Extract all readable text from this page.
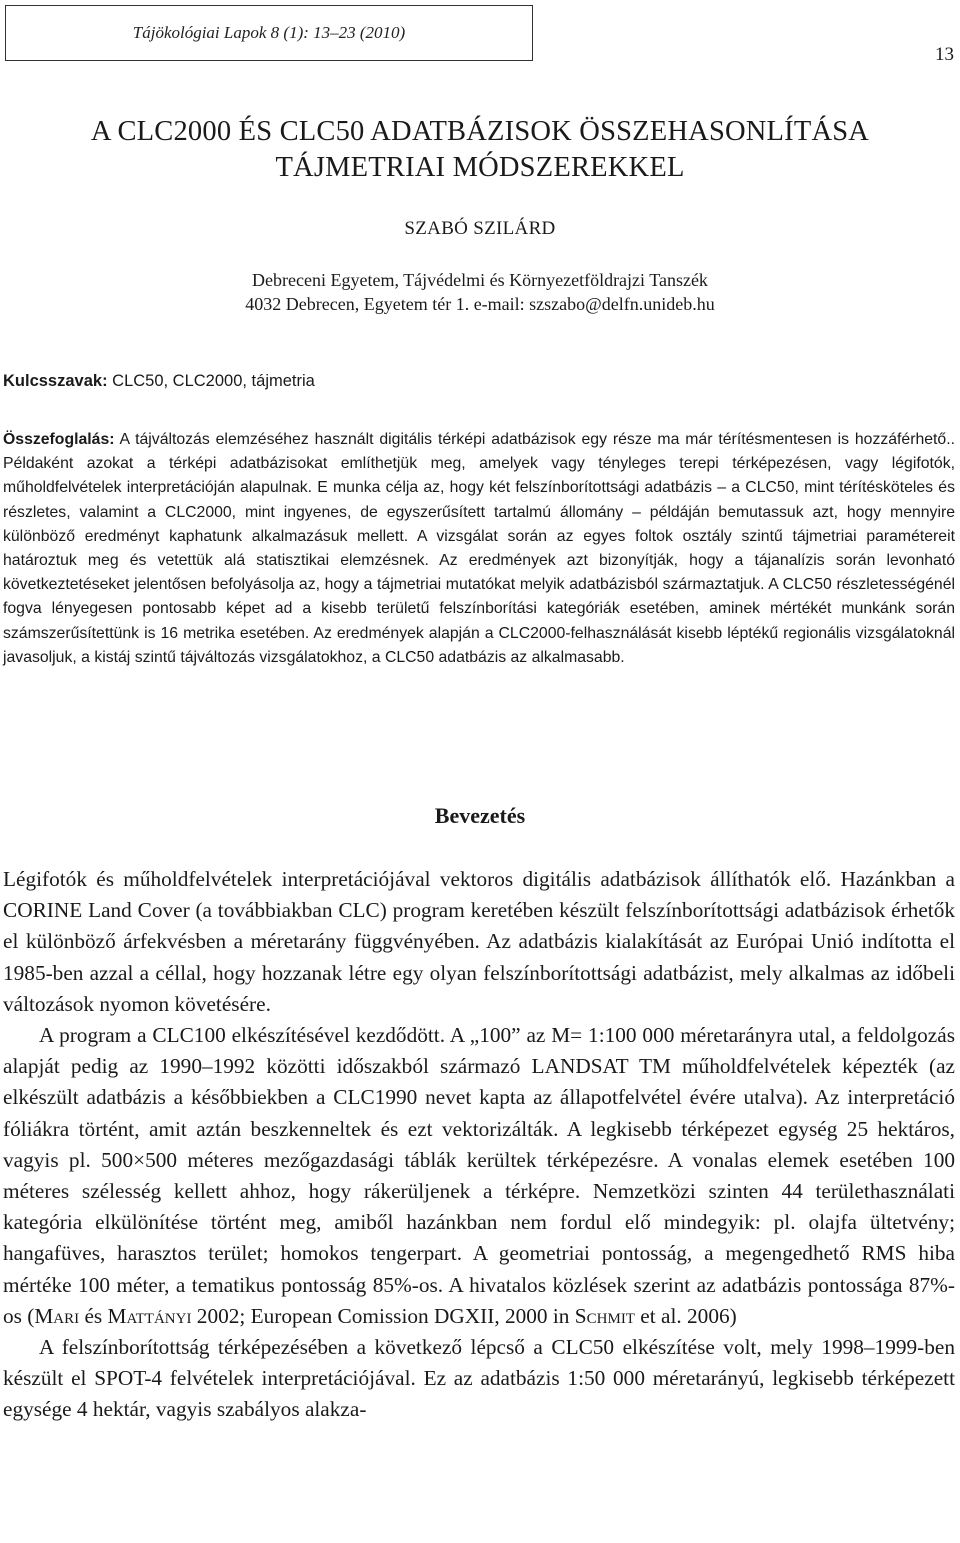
Tájökológiai Lapok 8 (1): 13–23 (2010)
13
A CLC2000 ÉS CLC50 ADATBÁZISOK ÖSSZEHASONLÍTÁSA
TÁJMETRIAI MÓDSZEREKKEL
SZABÓ SZILÁRD
Debreceni Egyetem, Tájvédelmi és Környezetföldrajzi Tanszék
4032 Debrecen, Egyetem tér 1. e-mail: szszabo@delfn.unideb.hu
Kulcsszavak: CLC50, CLC2000, tájmetria

Összefoglalás: A tájváltozás elemzéséhez használt digitális térképi adatbázisok egy része ma már térítésmentesen is hozzáférhető.. Példaként azokat a térképi adatbázisokat említhetjük meg, amelyek vagy tényleges terepi térképezésen, vagy légifotók, műholdfelvételek interpretációján alapulnak. E munka célja az, hogy két felszínborítottsági adatbázis – a CLC50, mint térítésköteles és részletes, valamint a CLC2000, mint ingyenes, de egyszerűsített tartalmú állomány – példáján bemutassuk azt, hogy mennyire különböző eredményt kaphatunk alkalmazásuk mellett. A vizsgálat során az egyes foltok osztály szintű tájmetriai paramétereit határoztuk meg és vetettük alá statisztikai elemzésnek. Az eredmények azt bizonyítják, hogy a tájanalízis során levonható következtetéseket jelentősen befolyásolja az, hogy a tájmetriai mutatókat melyik adatbázisból származtatjuk. A CLC50 részletességénél fogva lényegesen pontosabb képet ad a kisebb területű felszínborítási kategóriák esetében, aminek mértékét munkánk során számszerűsítettünk is 16 metrika esetében. Az eredmények alapján a CLC2000-felhasználását kisebb léptékű regionális vizsgálatoknál javasoljuk, a kistáj szintű tájváltozás vizsgálatokhoz, a CLC50 adatbázis az alkalmasabb.

Bevezetés

Légifotók és műholdfelvételek interpretációjával vektoros digitális adatbázisok állíthatók elő. Hazánkban a CORINE Land Cover (a továbbiakban CLC) program keretében készült felszínborítottsági adatbázisok érhetők el különböző árfekvésben a méretarány függvényében. Az adatbázis kialakítását az Európai Unió indította el 1985-ben azzal a céllal, hogy hozzanak létre egy olyan felszínborítottsági adatbázist, mely alkalmas az időbeli változások nyomon követésére.

A program a CLC100 elkészítésével kezdődött. A „100” az M= 1:100 000 méretarányra utal, a feldolgozás alapját pedig az 1990–1992 közötti időszakból származó LANDSAT TM műholdfelvételek képezték (az elkészült adatbázis a későbbiekben a CLC1990 nevet kapta az állapotfelvétel évére utalva). Az interpretáció fóliákra történt, amit aztán beszkenneltek és ezt vektorizálták. A legkisebb térképezet egység 25 hektáros, vagyis pl. 500×500 méteres mezőgazdasági táblák kerültek térképezésre. A vonalas elemek esetében 100 méteres szélesség kellett ahhoz, hogy rákerüljenek a térképre. Nemzetközi szinten 44 területhasználati kategória elkülönítése történt meg, amiből hazánkban nem fordul elő mindegyik: pl. olajfa ültetvény; hangafüves, harasztos terület; homokos tengerpart. A geometriai pontosság, a megengedhető RMS hiba mértéke 100 méter, a tematikus pontosság 85%-os. A hivatalos közlések szerint az adatbázis pontossága 87%-os (Mari és Mattányi 2002; European Comission DGXII, 2000 in Schmit et al. 2006)

A felszínborítottság térképezésében a következő lépcső a CLC50 elkészítése volt, mely 1998–1999-ben készült el SPOT-4 felvételek interpretációjával. Ez az adatbázis 1:50 000 méretarányú, legkisebb térképezett egysége 4 hektár, vagyis szabályos alakza-
